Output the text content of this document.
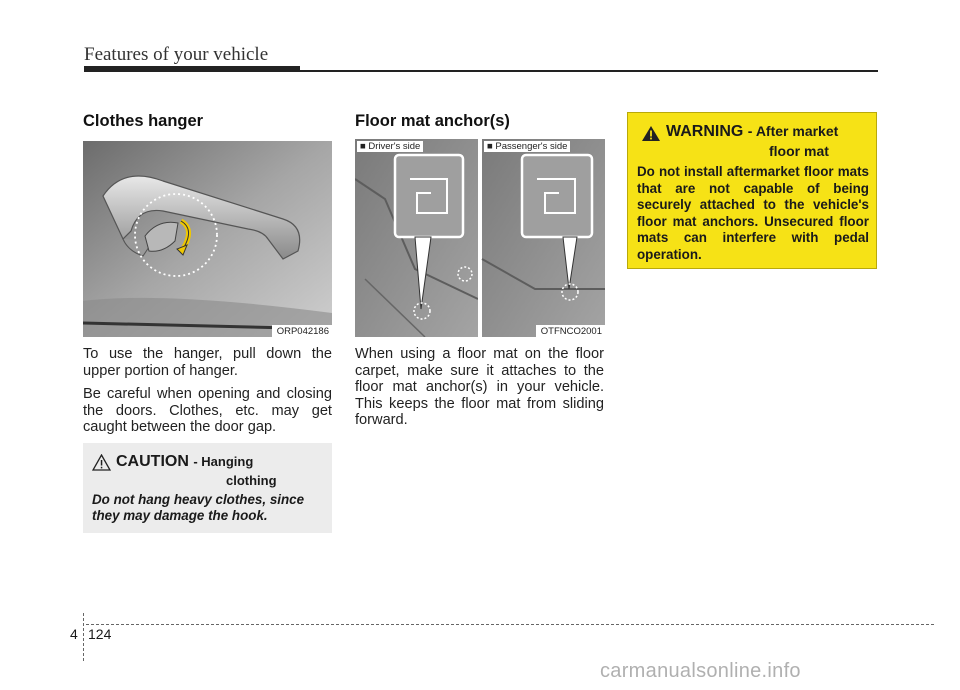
Features of your vehicle
Clothes hanger
ORP042186

To use the hanger, pull down the upper portion of hanger.

Be careful when opening and closing the doors. Clothes, etc. may get caught between the door gap.

CAUTION - Hanging
clothing
Do not hang heavy clothes, since they may damage the hook.
Floor mat anchor(s)
■ Driver's side	■ Passenger's side
OTFNCO2001

When using a floor mat on the floor carpet, make sure it attaches to the floor mat anchor(s) in your vehicle. This keeps the floor mat from sliding forward.

WARNING - After market
floor mat
Do not install aftermarket floor mats that are not capable of being securely attached to the vehicle's floor mat anchors. Unsecured floor mats can interfere with pedal operation.
4 124
carmanualsonline.info
